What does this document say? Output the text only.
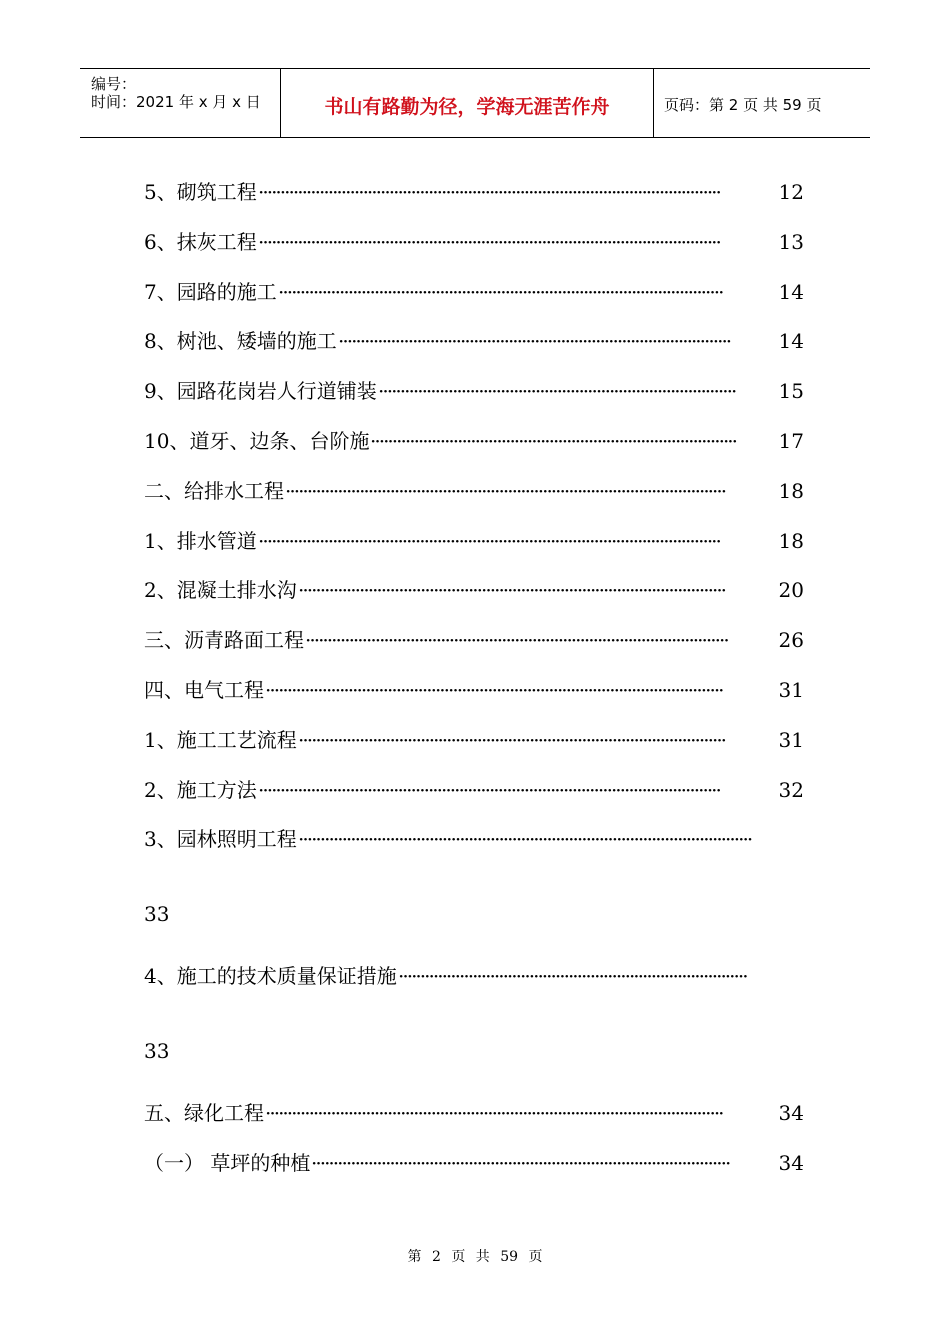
编号：
时间：2021 年 x 月 x 日	书山有路勤为径，学海无涯苦作舟	页码：第 2 页 共 59 页
5、砌筑工程 ··········································································································	12
6、抹灰工程 ··········································································································	13
7、园路的施工 ······································································································	14
8、树池、矮墙的施工 ··························································································	14
9、园路花岗岩人行道铺装 ··················································································	15
10、道牙、边条、台阶施 ····················································································	17
二、给排水工程 ·····································································································	18
1、排水管道 ··········································································································	18
2、混凝土排水沟 ··································································································	20
三、沥青路面工程 ·································································································	26
四、电气工程 ·········································································································	31
1、施工工艺流程 ··································································································	31
2、施工方法 ··········································································································	32
3、园林照明工程 ········································································································
33
4、施工的技术质量保证措施 ················································································
33
五、绿化工程 ·········································································································	34
（一） 草坪的种植 ································································································	34
第 2 页 共 59 页
